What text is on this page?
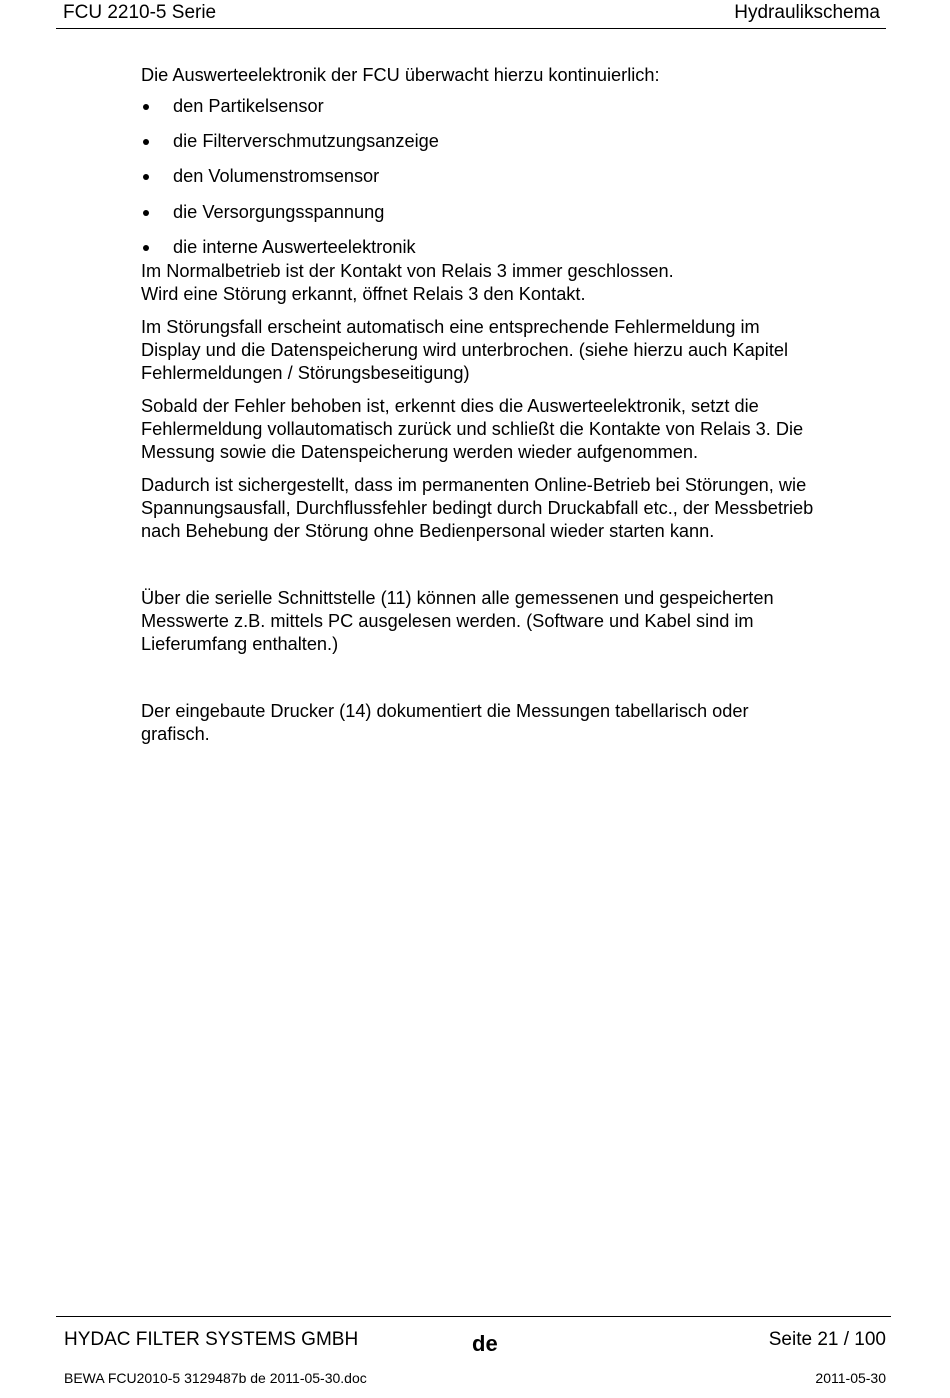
FCU 2210-5 Serie	Hydraulikschema

Die Auswerteelektronik der FCU überwacht hierzu kontinuierlich:

den Partikelsensor
die Filterverschmutzungsanzeige
den Volumenstromsensor
die Versorgungsspannung
die interne Auswerteelektronik

Im Normalbetrieb ist der Kontakt von Relais 3 immer geschlossen.

Wird eine Störung erkannt, öffnet Relais 3 den Kontakt.

Im Störungsfall erscheint automatisch eine entsprechende Fehlermeldung im

Display und die Datenspeicherung wird unterbrochen. (siehe hierzu auch Kapitel

Fehlermeldungen / Störungsbeseitigung)

Sobald der Fehler behoben ist, erkennt dies die Auswerteelektronik, setzt die

Fehlermeldung vollautomatisch zurück und schließt die Kontakte von Relais 3. Die

Messung sowie die Datenspeicherung werden wieder aufgenommen.

Dadurch ist sichergestellt, dass im permanenten Online-Betrieb bei Störungen, wie

Spannungsausfall, Durchflussfehler bedingt durch Druckabfall etc., der Messbetrieb

nach Behebung der Störung ohne Bedienpersonal wieder starten kann.

Über die serielle Schnittstelle (11) können alle gemessenen und gespeicherten

Messwerte z.B. mittels PC ausgelesen werden. (Software und Kabel sind im

Lieferumfang enthalten.)

Der eingebaute Drucker (14) dokumentiert die Messungen tabellarisch oder

grafisch.

HYDAC FILTER SYSTEMS GMBH	de	Seite 21 / 100
BEWA FCU2010-5 3129487b de 2011-05-30.doc	2011-05-30
